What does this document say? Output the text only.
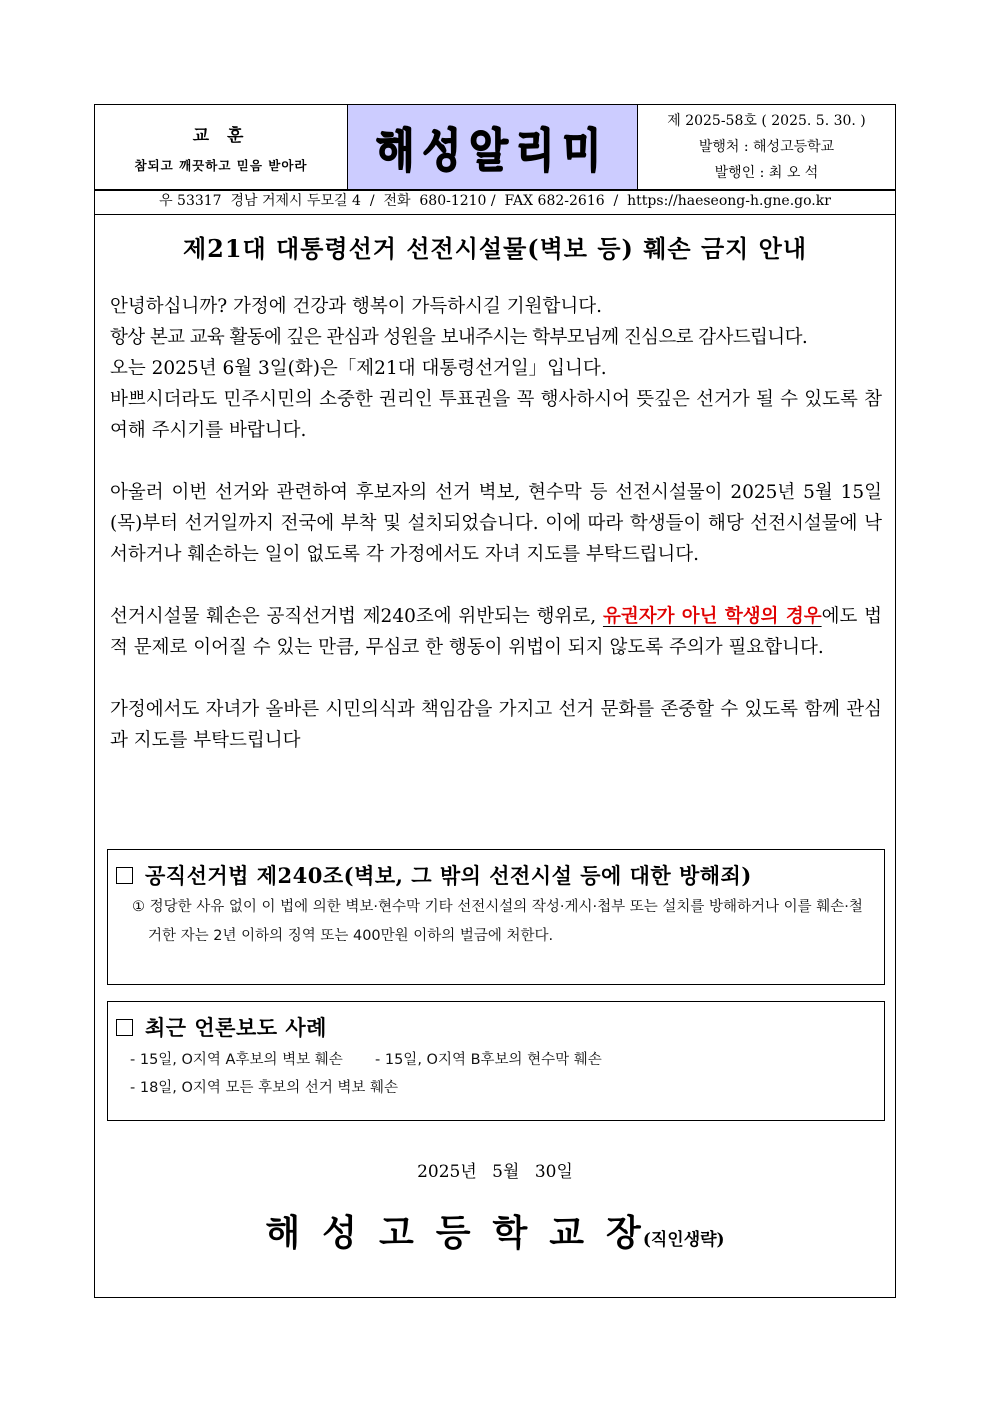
교 훈
참되고 깨끗하고 믿음 받아라	해성알리미
제 2025-58호 ( 2025. 5. 30. )
발행처 : 해성고등학교
발행인 : 최 오 석
우 53317  경남 거제시 두모길 4  /  전화  680-1210 /  FAX 682-2616  /  https://haeseong-h.gne.go.kr
제21대 대통령선거 선전시설물(벽보 등) 훼손 금지 안내

안녕하십니까? 가정에 건강과 행복이 가득하시길 기원합니다.

항상 본교 교육 활동에 깊은 관심과 성원을 보내주시는 학부모님께 진심으로 감사드립니다.

오는 2025년 6월 3일(화)은「제21대 대통령선거일」입니다.

바쁘시더라도 민주시민의 소중한 권리인 투표권을 꼭 행사하시어 뜻깊은 선거가 될 수 있도록 참여해 주시기를 바랍니다.

아울러 이번 선거와 관련하여 후보자의 선거 벽보, 현수막 등 선전시설물이 2025년 5월 15일(목)부터 선거일까지 전국에 부착 및 설치되었습니다. 이에 따라 학생들이 해당 선전시설물에 낙서하거나 훼손하는 일이 없도록 각 가정에서도 자녀 지도를 부탁드립니다.

선거시설물 훼손은 공직선거법 제240조에 위반되는 행위로, 유권자가 아닌 학생의 경우에도 법적 문제로 이어질 수 있는 만큼, 무심코 한 행동이 위법이 되지 않도록 주의가 필요합니다.

가정에서도 자녀가 올바른 시민의식과 책임감을 가지고 선거 문화를 존중할 수 있도록 함께 관심과 지도를 부탁드립니다

공직선거법 제240조(벽보, 그 밖의 선전시설 등에 대한 방해죄)
① 정당한 사유 없이 이 법에 의한 벽보·현수막 기타 선전시설의 작성·게시·첩부 또는 설치를 방해하거나 이를 훼손·철거한 자는 2년 이하의 징역 또는 400만원 이하의 벌금에 처한다.
최근 언론보도 사례
- 15일, O지역 A후보의 벽보 훼손 - 15일, O지역 B후보의 현수막 훼손
- 18일, O지역 모든 후보의 선거 벽보 훼손
2025년 5월 30일
해성고등학교장(직인생략)
